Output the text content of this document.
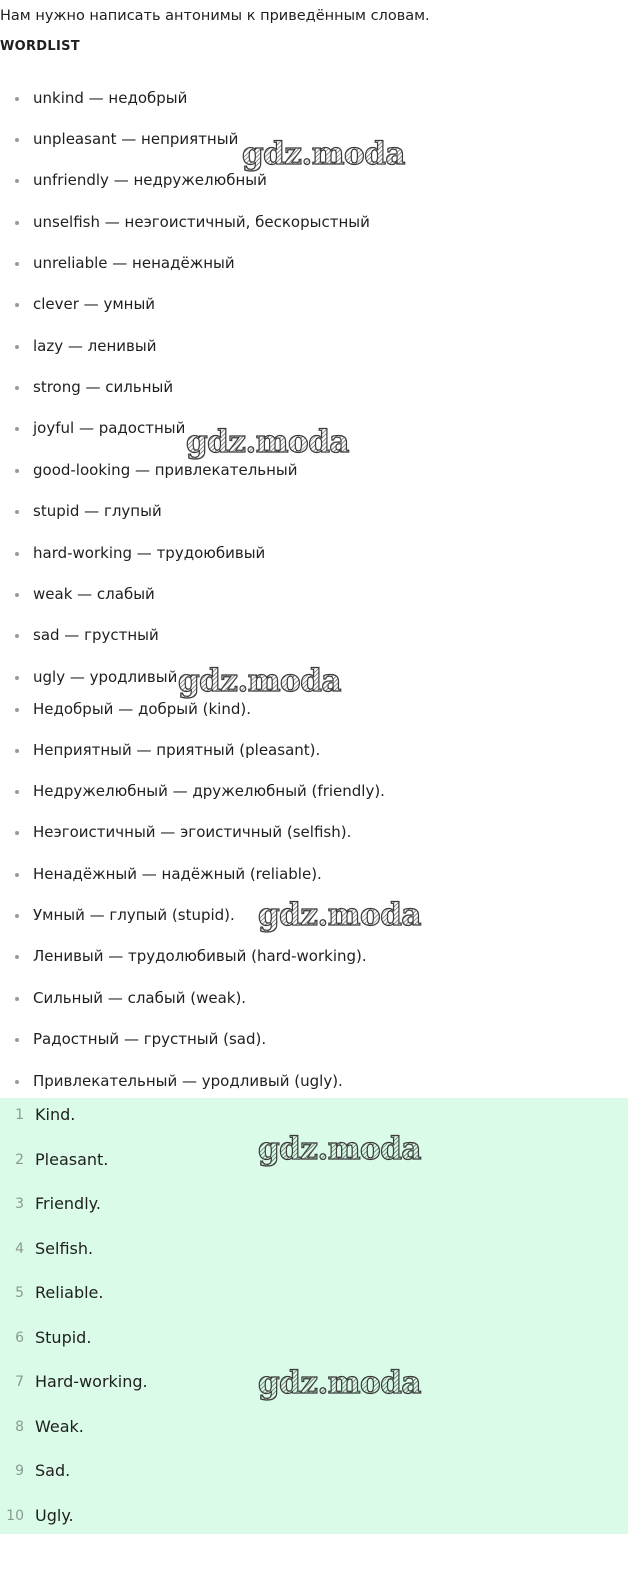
Нам нужно написать антонимы к приведённым словам.
WORDLIST
unkind — недобрый
unpleasant — неприятный
unfriendly — недружелюбный
unselfish — неэгоистичный, бескорыстный
unreliable — ненадёжный
clever — умный
lazy — ленивый
strong — сильный
joyful — радостный
good-looking — привлекательный
stupid — глупый
hard-working — трудоюбивый
weak — слабый
sad — грустный
ugly — уродливый
Недобрый — добрый (kind).
Неприятный — приятный (pleasant).
Недружелюбный — дружелюбный (friendly).
Неэгоистичный — эгоистичный (selfish).
Ненадёжный — надёжный (reliable).
Умный — глупый (stupid).
Ленивый — трудолюбивый (hard-working).
Сильный — слабый (weak).
Радостный — грустный (sad).
Привлекательный — уродливый (ugly).
1 Kind.
2 Pleasant.
3 Friendly.
4 Selfish.
5 Reliable.
6 Stupid.
7 Hard-working.
8 Weak.
9 Sad.
10 Ugly.
gdz.moda
gdz.moda
gdz.moda
gdz.moda
gdz.moda
gdz.moda
